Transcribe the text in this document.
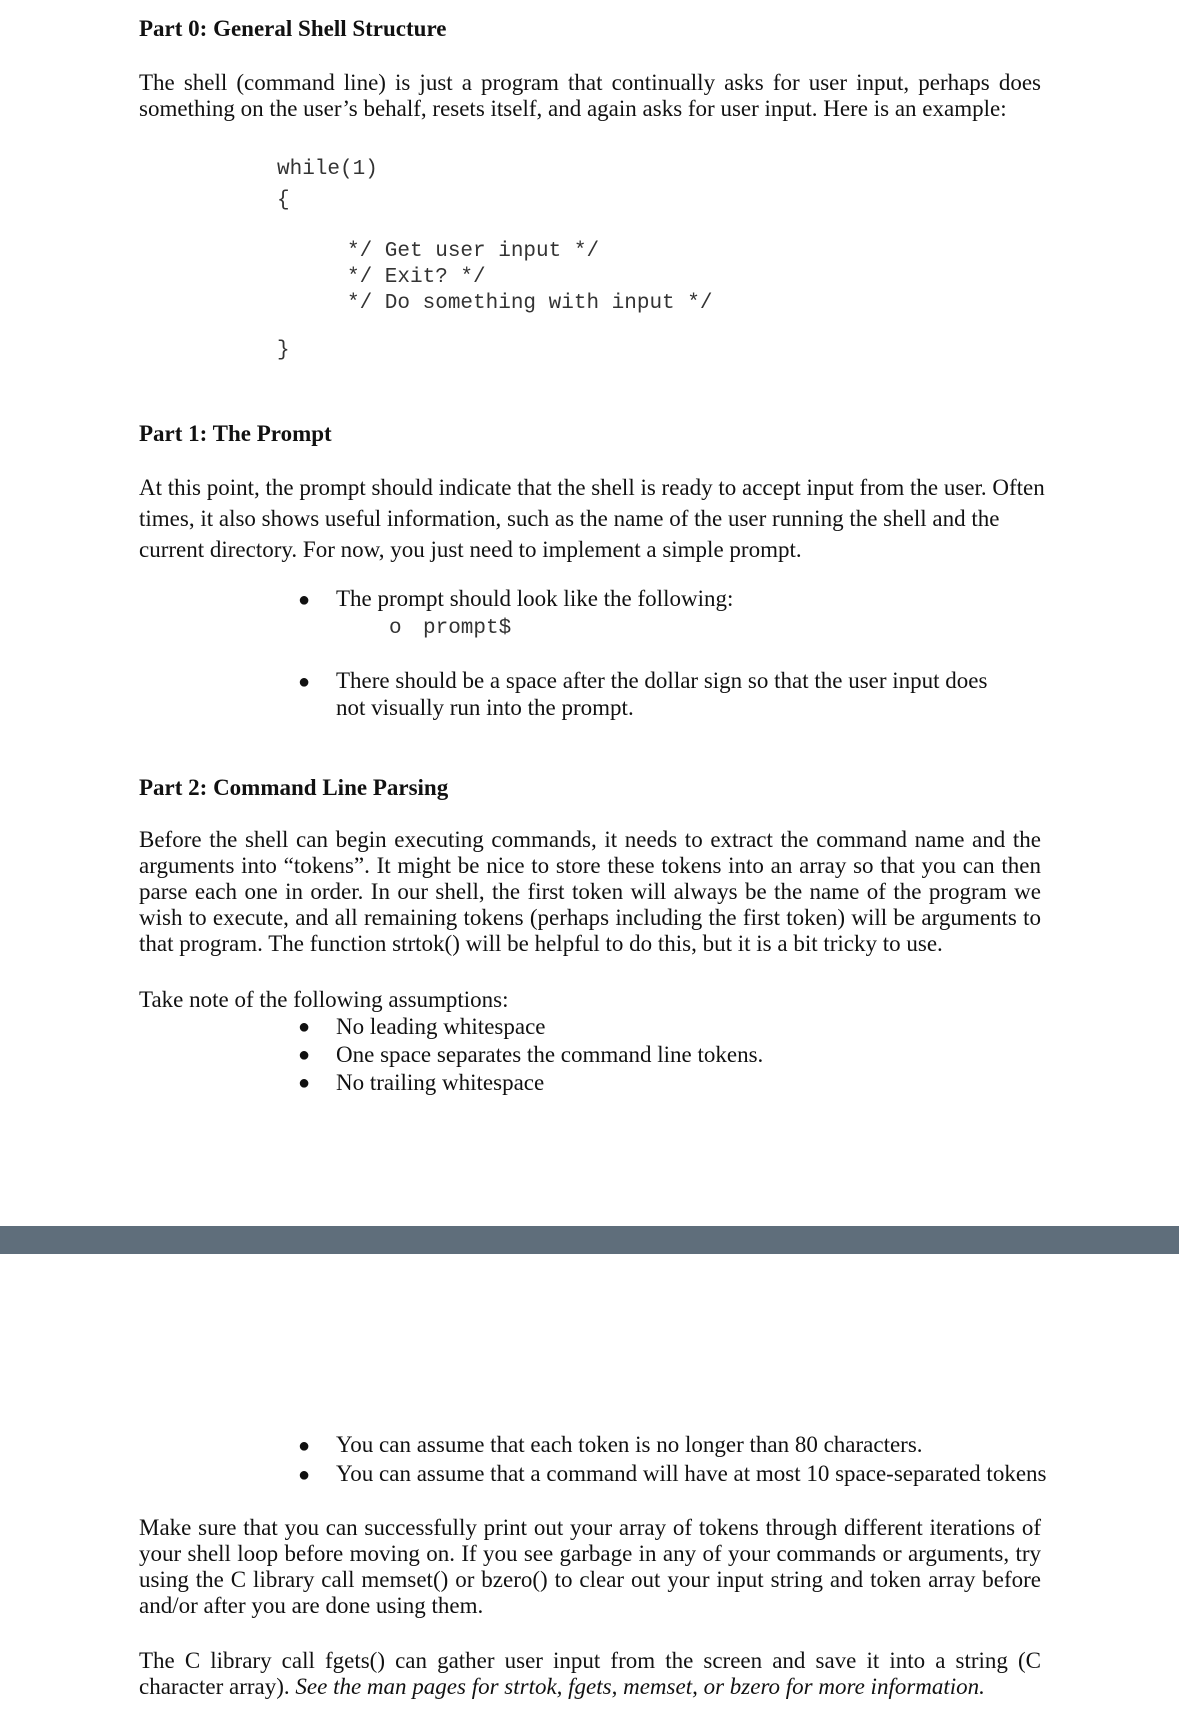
Part 0: General Shell Structure
The shell (command line) is just a program that continually asks for user input, perhaps does something on the user’s behalf, resets itself, and again asks for user input. Here is an example:
while(1)
{
*/ Get user input */
*/ Exit? */
*/ Do something with input */
}
Part 1: The Prompt
At this point, the prompt should indicate that the shell is ready to accept input from the user. Often times, it also shows useful information, such as the name of the user running the shell and the current directory. For now, you just need to implement a simple prompt.
● The prompt should look like the following:
o prompt$
● There should be a space after the dollar sign so that the user input does not visually run into the prompt.
Part 2: Command Line Parsing
Before the shell can begin executing commands, it needs to extract the command name and the arguments into “tokens”. It might be nice to store these tokens into an array so that you can then parse each one in order. In our shell, the first token will always be the name of the program we wish to execute, and all remaining tokens (perhaps including the first token) will be arguments to that program. The function strtok() will be helpful to do this, but it is a bit tricky to use.
Take note of the following assumptions:
● No leading whitespace
● One space separates the command line tokens.
● No trailing whitespace
● You can assume that each token is no longer than 80 characters.
● You can assume that a command will have at most 10 space-separated tokens
Make sure that you can successfully print out your array of tokens through different iterations of your shell loop before moving on. If you see garbage in any of your commands or arguments, try using the C library call memset() or bzero() to clear out your input string and token array before and/or after you are done using them.
The C library call fgets() can gather user input from the screen and save it into a string (C character array). See the man pages for strtok, fgets, memset, or bzero for more information.
